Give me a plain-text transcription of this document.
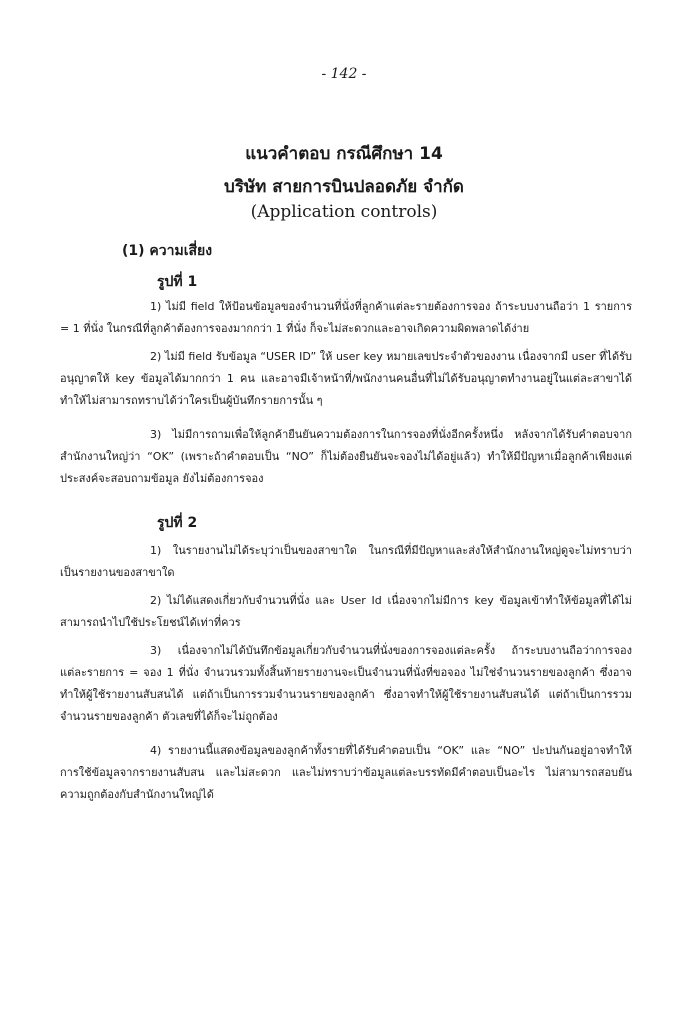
- 142 -
แนวคำตอบ กรณีศึกษา 14
บริษัท สายการบินปลอดภัย จำกัด
(Application controls)
(1) ความเสี่ยง
รูปที่ 1

1) ไม่มี field ให้ป้อนข้อมูลของจำนวนที่นั่งที่ลูกค้าแต่ละรายต้องการจอง ถ้าระบบงานถือว่า 1 รายการ = 1 ที่นั่ง ในกรณีที่ลูกค้าต้องการจองมากกว่า 1 ที่นั่ง ก็จะไม่สะดวกและอาจเกิดความผิดพลาดได้ง่าย

2) ไม่มี field รับข้อมูล “USER ID” ให้ user key หมายเลขประจำตัวของงาน เนื่องจากมี user ที่ได้รับอนุญาตให้ key ข้อมูลได้มากกว่า 1 คน และอาจมีเจ้าหน้าที่/พนักงานคนอื่นที่ไม่ได้รับอนุญาตทำงานอยู่ในแต่ละสาขาได้ ทำให้ไม่สามารถทราบได้ว่าใครเป็นผู้บันทึกรายการนั้น ๆ

3) ไม่มีการถามเพื่อให้ลูกค้ายืนยันความต้องการในการจองที่นั่งอีกครั้งหนึ่ง หลังจากได้รับคำตอบจากสำนักงานใหญ่ว่า “OK” (เพราะถ้าคำตอบเป็น “NO” ก็ไม่ต้องยืนยันจะจองไม่ได้อยู่แล้ว) ทำให้มีปัญหาเมื่อลูกค้าเพียงแต่ประสงค์จะสอบถามข้อมูล ยังไม่ต้องการจอง

รูปที่ 2

1) ในรายงานไม่ได้ระบุว่าเป็นของสาขาใด ในกรณีที่มีปัญหาและส่งให้สำนักงานใหญ่ดูจะไม่ทราบว่าเป็นรายงานของสาขาใด

2) ไม่ได้แสดงเกี่ยวกับจำนวนที่นั่ง และ User Id เนื่องจากไม่มีการ key ข้อมูลเข้าทำให้ข้อมูลที่ได้ไม่สามารถนำไปใช้ประโยชน์ได้เท่าที่ควร

3) เนื่องจากไม่ได้บันทึกข้อมูลเกี่ยวกับจำนวนที่นั่งของการจองแต่ละครั้ง ถ้าระบบงานถือว่าการจองแต่ละรายการ = จอง 1 ที่นั่ง จำนวนรวมทั้งสิ้นท้ายรายงานจะเป็นจำนวนที่นั่งที่ขอจอง ไม่ใช่จำนวนรายของลูกค้า ซึ่งอาจทำให้ผู้ใช้รายงานสับสนได้ แต่ถ้าเป็นการรวมจำนวนรายของลูกค้า ซึ่งอาจทำให้ผู้ใช้รายงานสับสนได้ แต่ถ้าเป็นการรวมจำนวนรายของลูกค้า ตัวเลขที่ได้ก็จะไม่ถูกต้อง

4) รายงานนี้แสดงข้อมูลของลูกค้าทั้งรายที่ได้รับคำตอบเป็น “OK” และ “NO” ปะปนกันอยู่อาจทำให้การใช้ข้อมูลจากรายงานสับสน และไม่สะดวก และไม่ทราบว่าข้อมูลแต่ละบรรทัดมีคำตอบเป็นอะไร ไม่สามารถสอบยันความถูกต้องกับสำนักงานใหญ่ได้
